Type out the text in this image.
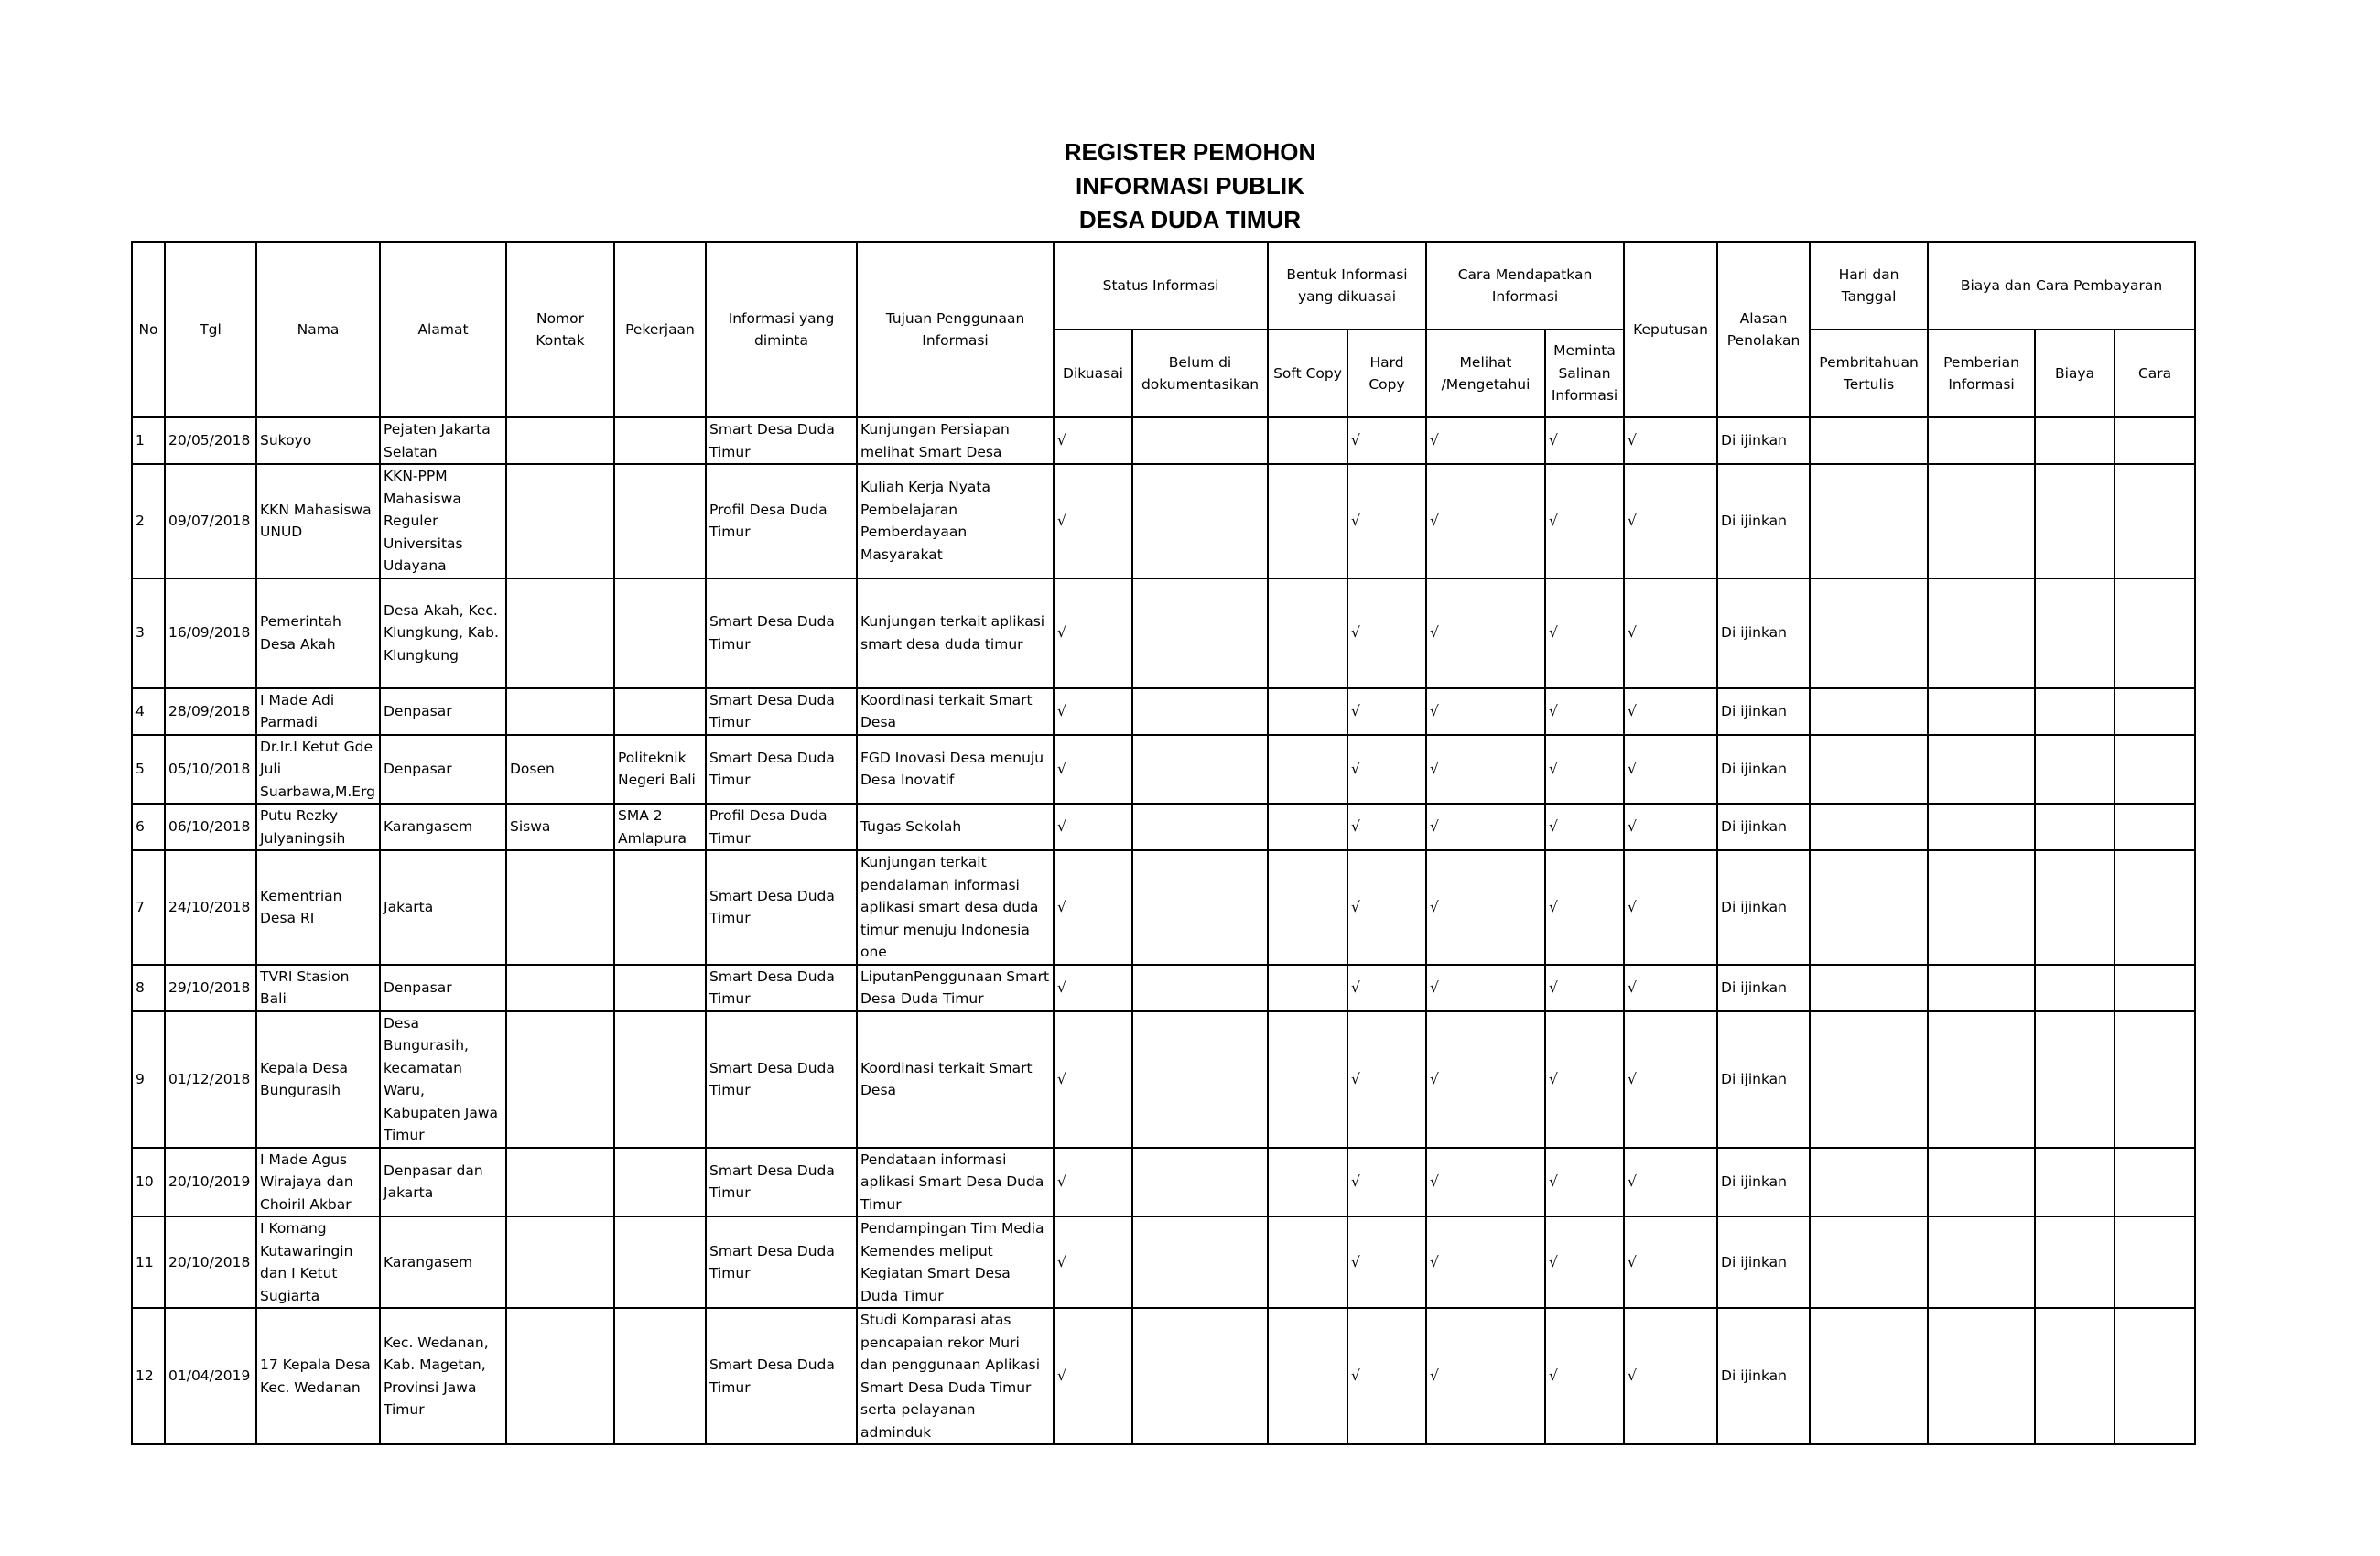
REGISTER PEMOHON
INFORMASI PUBLIK
DESA DUDA TIMUR
No	Tgl	Nama	Alamat	Nomor Kontak	Pekerjaan	Informasi yang diminta	Tujuan Penggunaan Informasi	Status Informasi		Bentuk Informasi yang dikuasai		Cara Mendapatkan Informasi		Keputusan	Alasan Penolakan	Hari dan Tanggal	Biaya dan Cara Pembayaran		
								Dikuasai	Belum di dokumentasikan	Soft Copy	Hard Copy	Melihat /Mengetahui	Meminta Salinan Informasi			Pembritahuan Tertulis	Pemberian Informasi	Biaya	Cara
1	20/05/2018	Sukoyo	Pejaten Jakarta Selatan			Smart Desa Duda Timur	Kunjungan Persiapan melihat Smart Desa	√			√	√	√	√	Di ijinkan				
2	09/07/2018	KKN Mahasiswa UNUD	KKN-PPM Mahasiswa Reguler Universitas Udayana			Profil Desa Duda Timur	Kuliah Kerja Nyata Pembelajaran Pemberdayaan Masyarakat	√			√	√	√	√	Di ijinkan				
3	16/09/2018	Pemerintah Desa Akah	Desa Akah, Kec. Klungkung, Kab. Klungkung			Smart Desa Duda Timur	Kunjungan terkait aplikasi smart desa duda timur	√			√	√	√	√	Di ijinkan				
4	28/09/2018	I Made Adi Parmadi	Denpasar			Smart Desa Duda Timur	Koordinasi terkait Smart Desa	√			√	√	√	√	Di ijinkan				
5	05/10/2018	Dr.Ir.I Ketut Gde Juli Suarbawa,M.Erg	Denpasar	Dosen	Politeknik Negeri Bali	Smart Desa Duda Timur	FGD Inovasi Desa menuju Desa Inovatif	√			√	√	√	√	Di ijinkan				
6	06/10/2018	Putu Rezky Julyaningsih	Karangasem	Siswa	SMA 2 Amlapura	Profil Desa Duda Timur	Tugas Sekolah	√			√	√	√	√	Di ijinkan				
7	24/10/2018	Kementrian Desa RI	Jakarta			Smart Desa Duda Timur	Kunjungan terkait pendalaman informasi aplikasi smart desa duda timur menuju Indonesia one	√			√	√	√	√	Di ijinkan				
8	29/10/2018	TVRI Stasion Bali	Denpasar			Smart Desa Duda Timur	LiputanPenggunaan Smart Desa Duda Timur	√			√	√	√	√	Di ijinkan				
9	01/12/2018	Kepala Desa Bungurasih	Desa Bungurasih, kecamatan Waru, Kabupaten Jawa Timur			Smart Desa Duda Timur	Koordinasi terkait Smart Desa	√			√	√	√	√	Di ijinkan				
10	20/10/2019	I Made Agus Wirajaya dan Choiril Akbar	Denpasar dan Jakarta			Smart Desa Duda Timur	Pendataan informasi aplikasi Smart Desa Duda Timur	√			√	√	√	√	Di ijinkan				
11	20/10/2018	I Komang Kutawaringin dan I Ketut Sugiarta	Karangasem			Smart Desa Duda Timur	Pendampingan Tim Media Kemendes meliput Kegiatan Smart Desa Duda Timur	√			√	√	√	√	Di ijinkan				
12	01/04/2019	17 Kepala Desa Kec. Wedanan	Kec. Wedanan, Kab. Magetan, Provinsi Jawa Timur			Smart Desa Duda Timur	Studi Komparasi atas pencapaian rekor Muri dan penggunaan Aplikasi Smart Desa Duda Timur serta pelayanan adminduk	√			√	√	√	√	Di ijinkan				
